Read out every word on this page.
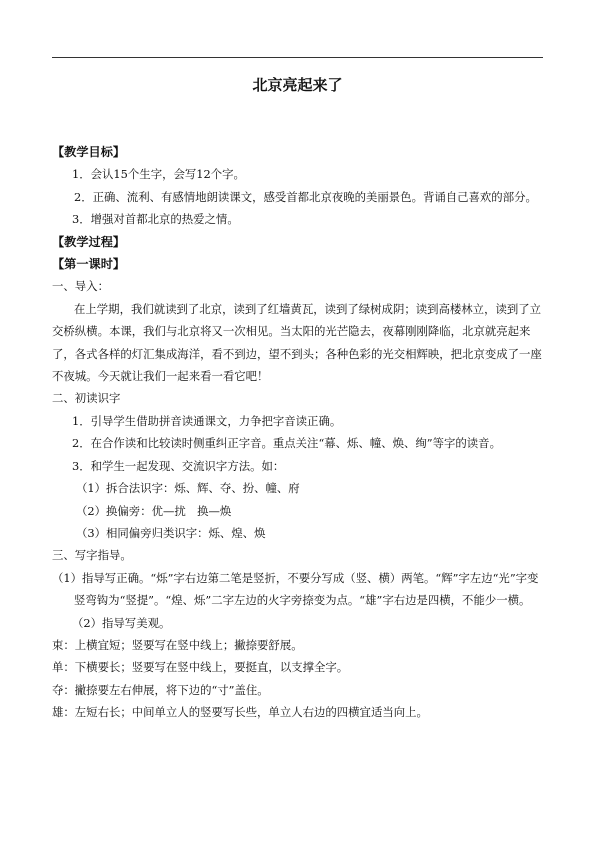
北京亮起来了

【教学目标】

1．会认15个生字，会写12个字。

2．正确、流利、有感情地朗读课文，感受首都北京夜晚的美丽景色。背诵自己喜欢的部分。

3．增强对首都北京的热爱之情。

【教学过程】

【第一课时】

一、导入：

在上学期，我们就读到了北京，读到了红墙黄瓦，读到了绿树成阴；读到高楼林立，读到了立交桥纵横。本课，我们与北京将又一次相见。当太阳的光芒隐去，夜幕刚刚降临，北京就亮起来了，各式各样的灯汇集成海洋，看不到边，望不到头；各种色彩的光交相辉映，把北京变成了一座不夜城。今天就让我们一起来看一看它吧！

二、初读识字

1．引导学生借助拼音读通课文，力争把字音读正确。

2．在合作读和比较读时侧重纠正字音。重点关注“幕、烁、幢、焕、绚”等字的读音。

3．和学生一起发现、交流识字方法。如：

（1）拆合法识字：烁、辉、夺、扮、幢、府

（2）换偏旁：优—扰　换—焕

（3）相同偏旁归类识字：烁、煌、焕

三、写字指导。

（1）指导写正确。“烁”字右边第二笔是竖折，不要分写成（竖、横）两笔。“辉”字左边“光”字变竖弯钩为“竖提”。“煌、烁”二字左边的火字旁捺变为点。“雄”字右边是四横，不能少一横。

（2）指导写美观。

束：上横宜短；竖要写在竖中线上；撇捺要舒展。

单：下横要长；竖要写在竖中线上，要挺直，以支撑全字。

夺：撇捺要左右伸展，将下边的“寸”盖住。

雄：左短右长；中间单立人的竖要写长些，单立人右边的四横宜适当向上。
